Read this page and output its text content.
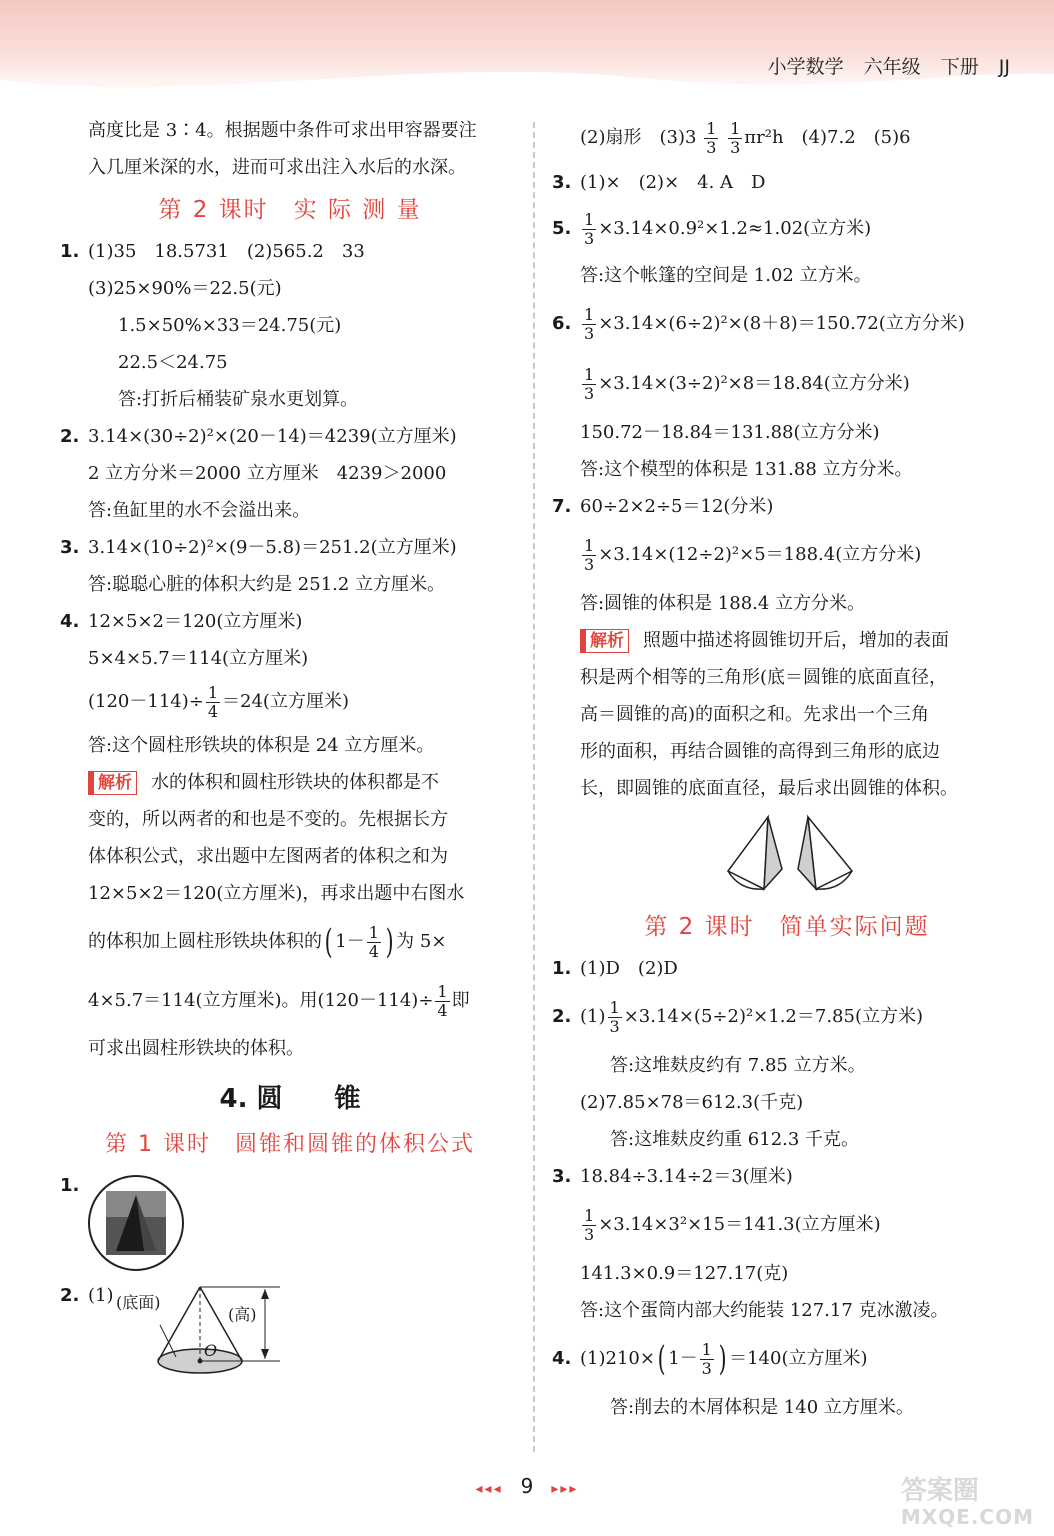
小学数学 六年级 下册 JJ
高度比是 3∶4。根据题中条件可求出甲容器要注
入几厘米深的水，进而可求出注入水后的水深。
第 2 课时　实 际 测 量
1. (1)35　18.5731　(2)565.2　33
(3)25×90%＝22.5(元)
1.5×50%×33＝24.75(元)
22.5＜24.75
答:打折后桶装矿泉水更划算。
2. 3.14×(30÷2)²×(20－14)＝4239(立方厘米)
2 立方分米＝2000 立方厘米　4239＞2000
答:鱼缸里的水不会溢出来。
3. 3.14×(10÷2)²×(9－5.8)＝251.2(立方厘米)
答:聪聪心脏的体积大约是 251.2 立方厘米。
4. 12×5×2＝120(立方厘米)
5×4×5.7＝114(立方厘米)
$(120-114)\div \frac{1}{4} =24$(立方厘米)
答:这个圆柱形铁块的体积是 24 立方厘米。
解析 水的体积和圆柱形铁块的体积都是不
变的，所以两者的和也是不变的。先根据长方
体体积公式，求出题中左图两者的体积之和为
12×5×2＝120(立方厘米)，再求出题中右图水
的体积加上圆柱形铁块体积的( $1- \frac{1}{4}$ ) 为 5×
4×5.7＝114(立方厘米)。用$(120-114)\div \frac{1}{4}$ 即
可求出圆柱形铁块的体积。
4. 圆　　锥
第 1 课时　圆锥和圆锥的体积公式
1.
2. (1) (底面)
(高)
O
(2)扇形　$(3)3 \frac{1}{3}$
$\frac{1}{3} \pi r^2h$　(4)7.2　(5)6
3. (1)×　(2)×　4. A　D
5. $\frac{1}{3} \times 3.14\times 0.9^2\times 1.2\approx 1.02$(立方米)
答:这个帐篷的空间是 1.02 立方米。
6. $\frac{1}{3} \times 3.14\times(6\div 2)^2\times(8+8)=150.72$(立方分米)
$\frac{1}{3} \times 3.14\times(3\div 2)^2\times 8=18.84$(立方分米)
150.72－18.84＝131.88(立方分米)
答:这个模型的体积是 131.88 立方分米。
7. 60÷2×2÷5＝12(分米)
$\frac{1}{3} \times 3.14\times(12\div 2)^2\times 5=188.4$(立方分米)
答:圆锥的体积是 188.4 立方分米。
解析 照题中描述将圆锥切开后，增加的表面
积是两个相等的三角形(底＝圆锥的底面直径，
高＝圆锥的高)的面积之和。先求出一个三角
形的面积，再结合圆锥的高得到三角形的底边
长，即圆锥的底面直径，最后求出圆锥的体积。
第 2 课时　简单实际问题
1. (1)D　(2)D
2. $(1) \frac{1}{3} \times 3.14\times(5\div 2)^2\times 1.2=7.85$(立方米)
答:这堆麸皮约有 7.85 立方米。
(2)7.85×78＝612.3(千克)
答:这堆麸皮约重 612.3 千克。
3. 18.84÷3.14÷2＝3(厘米)
$\frac{1}{3} \times 3.14\times 3^2\times 15=141.3$(立方厘米)
141.3×0.9＝127.17(克)
答:这个蛋筒内部大约能装 127.17 克冰激凌。
4. (1)210×( $1- \frac{1}{3}$ ) ＝140(立方厘米)
答:削去的木屑体积是 140 立方厘米。
◂◂◂ 9 ▸▸▸	答案圈
MXQE.COM
